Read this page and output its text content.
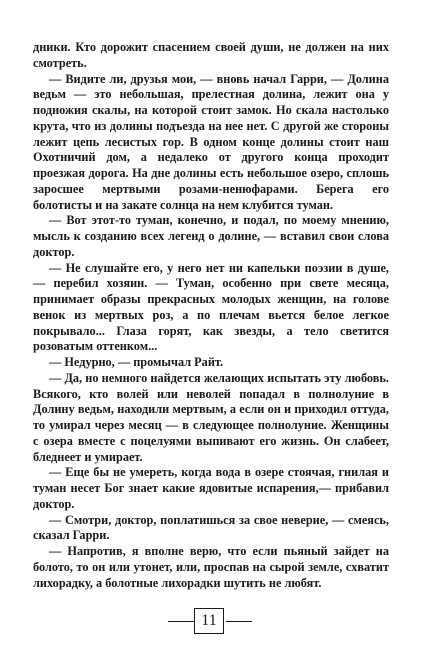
дники. Кто дорожит спасением своей души, не должен на них смотреть.

— Видите ли, друзья мои, — вновь начал Гарри, — Долина ведьм — это небольшая, прелестная долина, лежит она у подножия скалы, на которой стоит замок. Но скала настолько крута, что из долины подъезда на нее нет. С другой же стороны лежит цепь лесистых гор. В одном конце долины стоит наш Охотничий дом, а недалеко от другого конца проходит проезжая дорога. На дне долины есть небольшое озеро, сплошь заросшее мертвыми розами-ненюфарами. Берега его болотисты и на закате солнца на нем клубится туман.

— Вот этот-то туман, конечно, и подал, по моему мнению, мысль к созданию всех легенд о долине, — вставил свои слова доктор.

— Не слушайте его, у него нет ни капельки поэзии в душе, — перебил хозяин. — Туман, особенно при свете месяца, принимает образы прекрасных молодых женщин, на голове венок из мертвых роз, а по плечам вьется белое легкое покрывало... Глаза горят, как звезды, а тело светится розоватым оттенком...

— Недурно, — промычал Райт.

— Да, но немного найдется желающих испытать эту любовь. Всякого, кто волей или неволей попадал в полнолуние в Долину ведьм, находили мертвым, а если он и приходил оттуда, то умирал через месяц — в следующее полнолуние. Женщины с озера вместе с поцелуями выпивают его жизнь. Он слабеет, бледнеет и умирает.

— Еще бы не умереть, когда вода в озере стоячая, гнилая и туман несет Бог знает какие ядовитые испарения,— прибавил доктор.

— Смотри, доктор, поплатишься за свое неверие, — смеясь, сказал Гарри.

— Напротив, я вполне верю, что если пьяный зайдет на болото, то он или утонет, или, проспав на сырой земле, схватит лихорадку, а болотные лихорадки шутить не любят.

11
